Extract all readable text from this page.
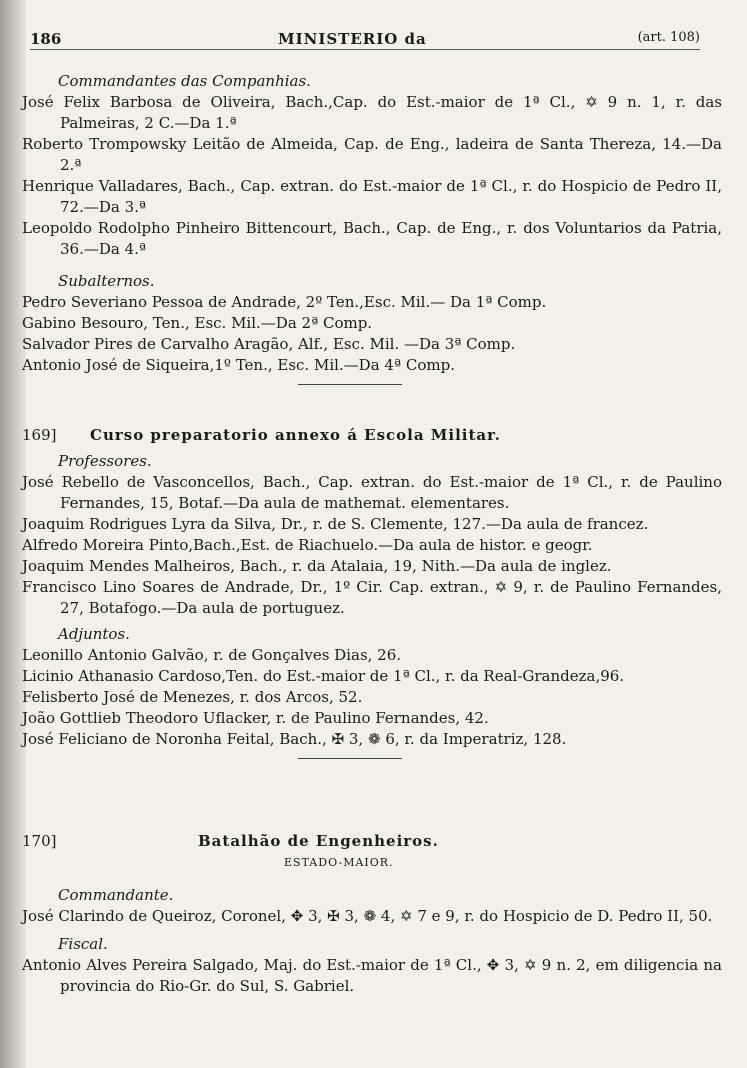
186	MINISTERIO da	(art. 108)
Commandantes das Companhias.

José Felix Barbosa de Oliveira, Bach.,Cap. do Est.-maior de 1ª Cl., ✡ 9 n. 1, r. das Palmeiras, 2 C.—Da 1.ª

Roberto Trompowsky Leitão de Almeida, Cap. de Eng., ladeira de Santa Thereza, 14.—Da 2.ª

Henrique Valladares, Bach., Cap. extran. do Est.-maior de 1ª Cl., r. do Hospicio de Pedro II, 72.—Da 3.ª

Leopoldo Rodolpho Pinheiro Bittencourt, Bach., Cap. de Eng., r. dos Voluntarios da Patria, 36.—Da 4.ª

Subalternos.

Pedro Severiano Pessoa de Andrade, 2º Ten.,Esc. Mil.— Da 1ª Comp.

Gabino Besouro, Ten., Esc. Mil.—Da 2ª Comp.

Salvador Pires de Carvalho Aragão, Alf., Esc. Mil. —Da 3ª Comp.

Antonio José de Siqueira,1º Ten., Esc. Mil.—Da 4ª Comp.

169] Curso preparatorio annexo á Escola Militar.
Professores.

José Rebello de Vasconcellos, Bach., Cap. extran. do Est.-maior de 1ª Cl., r. de Paulino Fernandes, 15, Botaf.—Da aula de mathemat. elementares.

Joaquim Rodrigues Lyra da Silva, Dr., r. de S. Clemente, 127.—Da aula de francez.

Alfredo Moreira Pinto,Bach.,Est. de Riachuelo.—Da aula de histor. e geogr.

Joaquim Mendes Malheiros, Bach., r. da Atalaia, 19, Nith.—Da aula de inglez.

Francisco Lino Soares de Andrade, Dr., 1º Cir. Cap. extran., ✡ 9, r. de Paulino Fernandes, 27, Botafogo.—Da aula de portuguez.

Adjuntos.

Leonillo Antonio Galvão, r. de Gonçalves Dias, 26.

Licinio Athanasio Cardoso,Ten. do Est.-maior de 1ª Cl., r. da Real-Grandeza,96.

Felisberto José de Menezes, r. dos Arcos, 52.

João Gottlieb Theodoro Uflacker, r. de Paulino Fernandes, 42.

José Feliciano de Noronha Feital, Bach., ✠ 3, ❁ 6, r. da Imperatriz, 128.

170]	Batalhão de Engenheiros.
ESTADO-MAIOR.
Commandante.

José Clarindo de Queiroz, Coronel, ✥ 3, ✠ 3, ❁ 4, ✡ 7 e 9, r. do Hospicio de D. Pedro II, 50.

Fiscal.

Antonio Alves Pereira Salgado, Maj. do Est.-maior de 1ª Cl., ✥ 3, ✡ 9 n. 2, em diligencia na provincia do Rio-Gr. do Sul, S. Gabriel.
